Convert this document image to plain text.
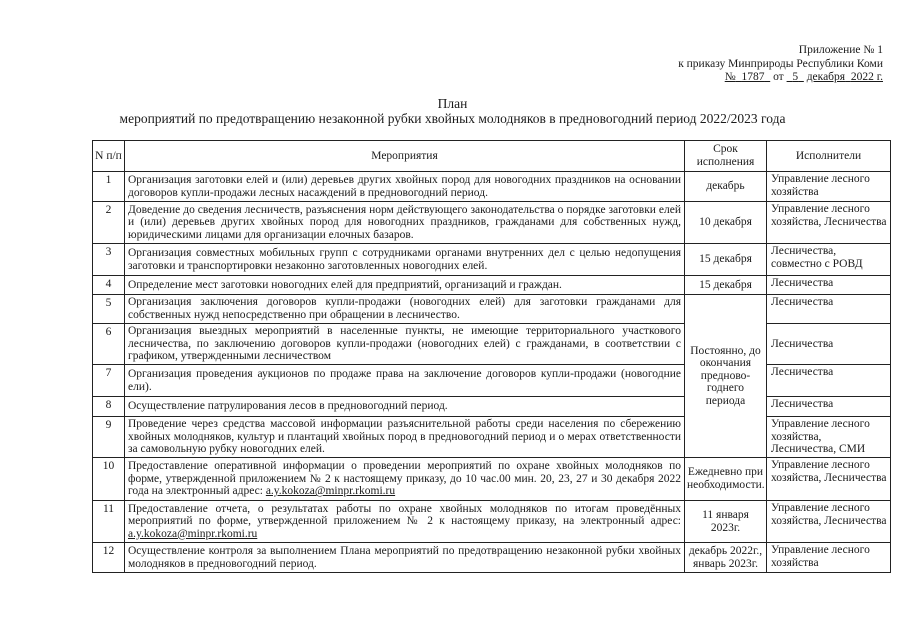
Приложение № 1
к приказу Минприроды Республики Коми
№ 1787 от 5 декабря 2022 г.
План
мероприятий по предотвращению незаконной рубки хвойных молодняков в предновогодний период 2022/2023 года
N п/п	Мероприятия	Срок исполнения	Исполнители
1	Организация заготовки елей и (или) деревьев других хвойных пород для новогодних праздников на основании договоров купли-продажи лесных насаждений в предновогодний период.	декабрь	Управление лесного хозяйства
2	Доведение до сведения лесничеств, разъяснения норм действующего законодательства о порядке заготовки елей и (или) деревьев других хвойных пород для новогодних праздников, гражданами для собственных нужд, юридическими лицами для организации елочных базаров.	10 декабря	Управление лесного хозяйства, Лесничества
3	Организация совместных мобильных групп с сотрудниками органами внутренних дел с целью недопущения заготовки и транспортировки незаконно заготовленных новогодних елей.	15 декабря	Лесничества, совместно с РОВД
4	Определение мест заготовки новогодних елей для предприятий, организаций и граждан.	15 декабря	Лесничества
5	Организация заключения договоров купли-продажи (новогодних елей) для заготовки гражданами для собственных нужд непосредственно при обращении в лесничество.	Постоянно, до окончания предново-годнего периода	Лесничества
6	Организация выездных мероприятий в населенные пункты, не имеющие территориального участкового лесничества, по заключению договоров купли-продажи (новогодних елей) с гражданами, в соответствии с графиком, утвержденными лесничеством		Лесничества
7	Организация проведения аукционов по продаже права на заключение договоров купли-продажи (новогодние ели).		Лесничества
8	Осуществление патрулирования лесов в предновогодний период.		Лесничества
9	Проведение через средства массовой информации разъяснительной работы среди населения по сбережению хвойных молодняков, культур и плантаций хвойных пород в предновогодний период и о мерах ответственности за самовольную рубку новогодних елей.		Управление лесного хозяйства, Лесничества, СМИ
10	Предоставление оперативной информации о проведении мероприятий по охране хвойных молодняков по форме, утвержденной приложением № 2 к настоящему приказу, до 10 час.00 мин. 20, 23, 27 и 30 декабря 2022 года на электронный адрес: a.y.kokoza@minpr.rkomi.ru	Ежедневно при необходимости.	Управление лесного хозяйства, Лесничества
11	Предоставление отчета, о результатах работы по охране хвойных молодняков по итогам проведённых мероприятий по форме, утвержденной приложением № 2 к настоящему приказу, на электронный адрес: a.y.kokoza@minpr.rkomi.ru	11 января 2023г.	Управление лесного хозяйства, Лесничества
12	Осуществление контроля за выполнением Плана мероприятий по предотвращению незаконной рубки хвойных молодняков в предновогодний период.	декабрь 2022г., январь 2023г.	Управление лесного хозяйства
